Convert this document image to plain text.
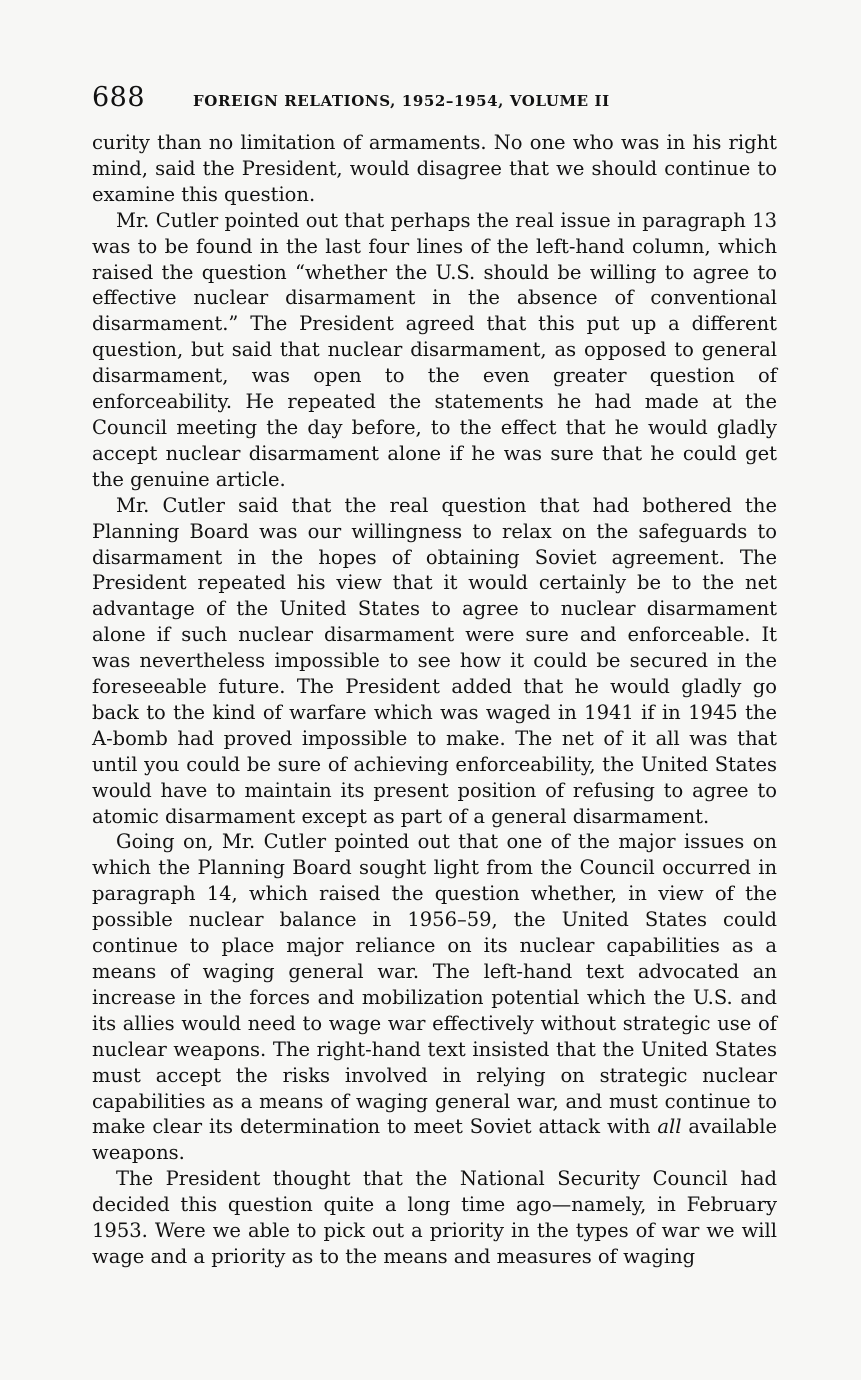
688	FOREIGN RELATIONS, 1952–1954, VOLUME II

curity than no limitation of armaments. No one who was in his right mind, said the President, would disagree that we should continue to examine this question.

Mr. Cutler pointed out that perhaps the real issue in paragraph 13 was to be found in the last four lines of the left-hand column, which raised the question “whether the U.S. should be willing to agree to effective nuclear disarmament in the absence of conventional disarmament.” The President agreed that this put up a different question, but said that nuclear disarmament, as opposed to general disarmament, was open to the even greater question of enforceability. He repeated the statements he had made at the Council meeting the day before, to the effect that he would gladly accept nuclear disarmament alone if he was sure that he could get the genuine article.

Mr. Cutler said that the real question that had bothered the Planning Board was our willingness to relax on the safeguards to disarmament in the hopes of obtaining Soviet agreement. The President repeated his view that it would certainly be to the net advantage of the United States to agree to nuclear disarmament alone if such nuclear disarmament were sure and enforceable. It was nevertheless impossible to see how it could be secured in the foreseeable future. The President added that he would gladly go back to the kind of warfare which was waged in 1941 if in 1945 the A-bomb had proved impossible to make. The net of it all was that until you could be sure of achieving enforceability, the United States would have to maintain its present position of refusing to agree to atomic disarmament except as part of a general disarmament.

Going on, Mr. Cutler pointed out that one of the major issues on which the Planning Board sought light from the Council occurred in paragraph 14, which raised the question whether, in view of the possible nuclear balance in 1956–59, the United States could continue to place major reliance on its nuclear capabilities as a means of waging general war. The left-hand text advocated an increase in the forces and mobilization potential which the U.S. and its allies would need to wage war effectively without strategic use of nuclear weapons. The right-hand text insisted that the United States must accept the risks involved in relying on strategic nuclear capabilities as a means of waging general war, and must continue to make clear its determination to meet Soviet attack with all available weapons.

The President thought that the National Security Council had decided this question quite a long time ago—namely, in February 1953. Were we able to pick out a priority in the types of war we will wage and a priority as to the means and measures of waging
